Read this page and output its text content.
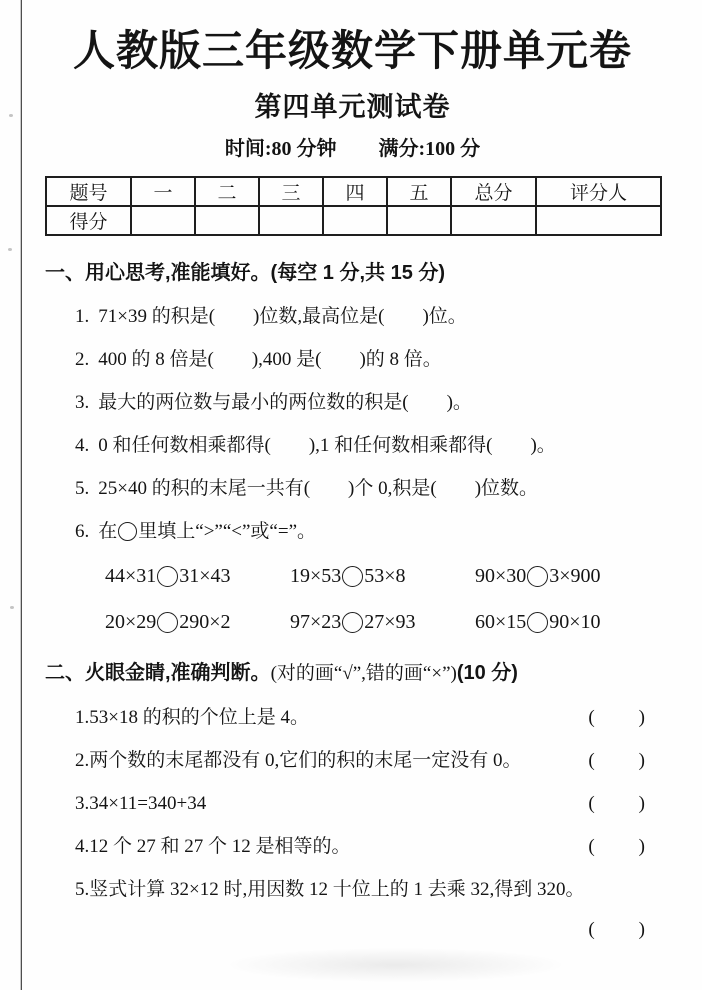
人教版三年级数学下册单元卷
第四单元测试卷
时间:80 分钟 满分:100 分
题号	一	二	三	四	五	总分	评分人
得分							
一、用心思考,准能填好。(每空 1 分,共 15 分)
1. 71×39 的积是(　　)位数,最高位是(　　)位。
2. 400 的 8 倍是(　　),400 是(　　)的 8 倍。
3. 最大的两位数与最小的两位数的积是(　　)。
4. 0 和任何数相乘都得(　　),1 和任何数相乘都得(　　)。
5. 25×40 的积的末尾一共有(　　)个 0,积是(　　)位数。
6. 在 里填上“>”“<”或“=”。
44×31 31×43	19×53 53×8	90×30 3×900
20×29 290×2	97×23 27×93	60×15 90×10
二、火眼金睛,准确判断。(对的画“√”,错的画“×”)(10 分)
1.53×18 的积的个位上是 4。	(　　)
2.两个数的末尾都没有 0,它们的积的末尾一定没有 0。	(　　)
3.34×11=340+34	(　　)
4.12 个 27 和 27 个 12 是相等的。	(　　)
5.竖式计算 32×12 时,用因数 12 十位上的 1 去乘 32,得到 320。
(　　)
